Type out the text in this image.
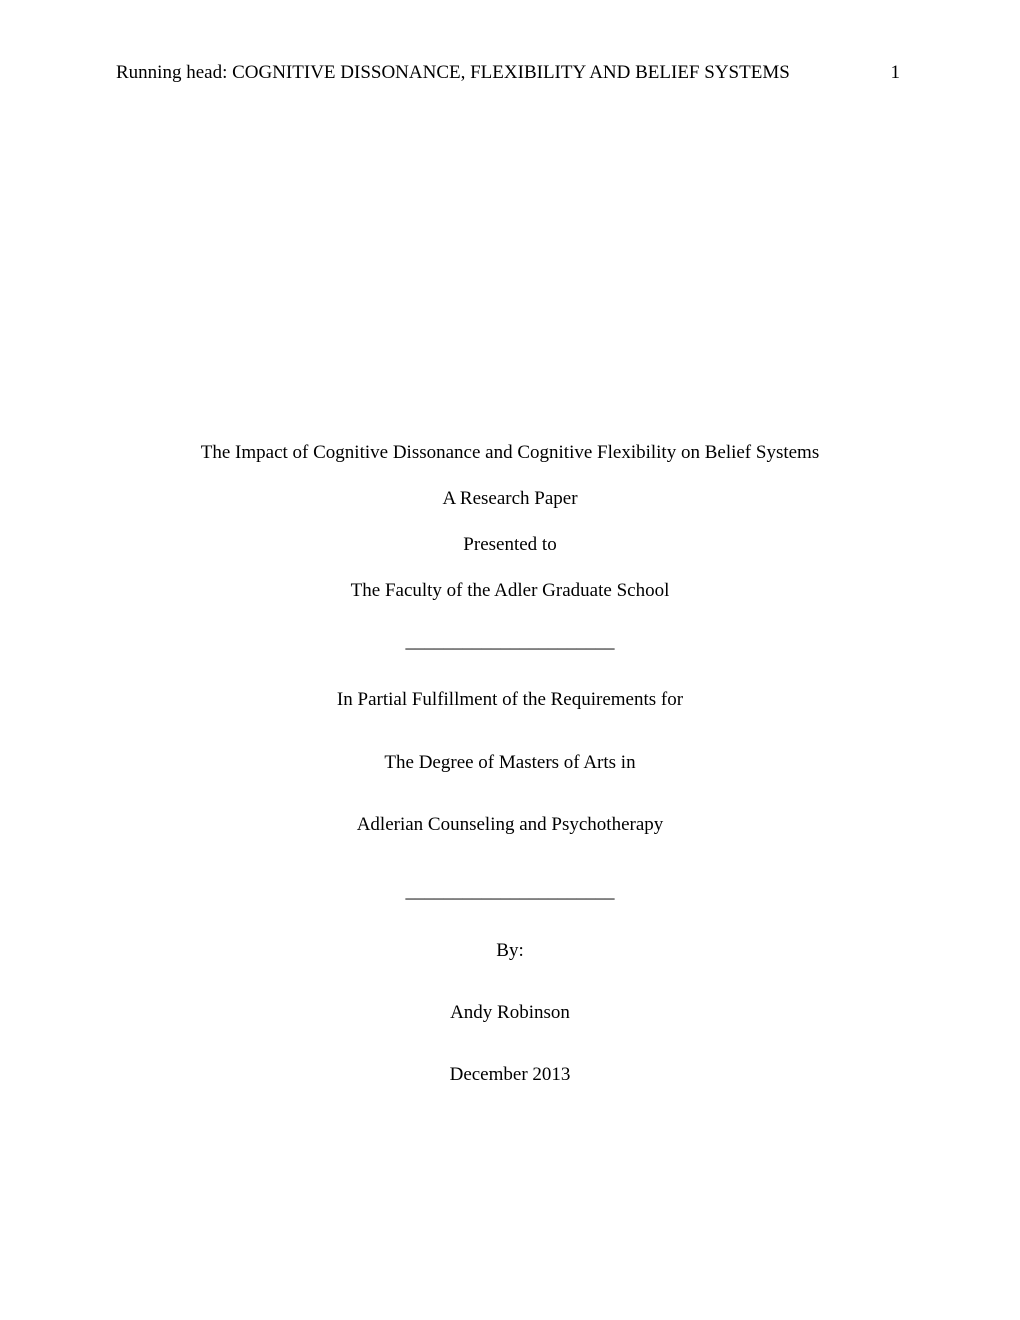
Running head: COGNITIVE DISSONANCE, FLEXIBILITY AND BELIEF SYSTEMS	1
The Impact of Cognitive Dissonance and Cognitive Flexibility on Belief Systems
A Research Paper
Presented to
The Faculty of the Adler Graduate School
______________________
In Partial Fulfillment of the Requirements for
The Degree of Masters of Arts in
Adlerian Counseling and Psychotherapy
______________________
By:
Andy Robinson
December 2013
